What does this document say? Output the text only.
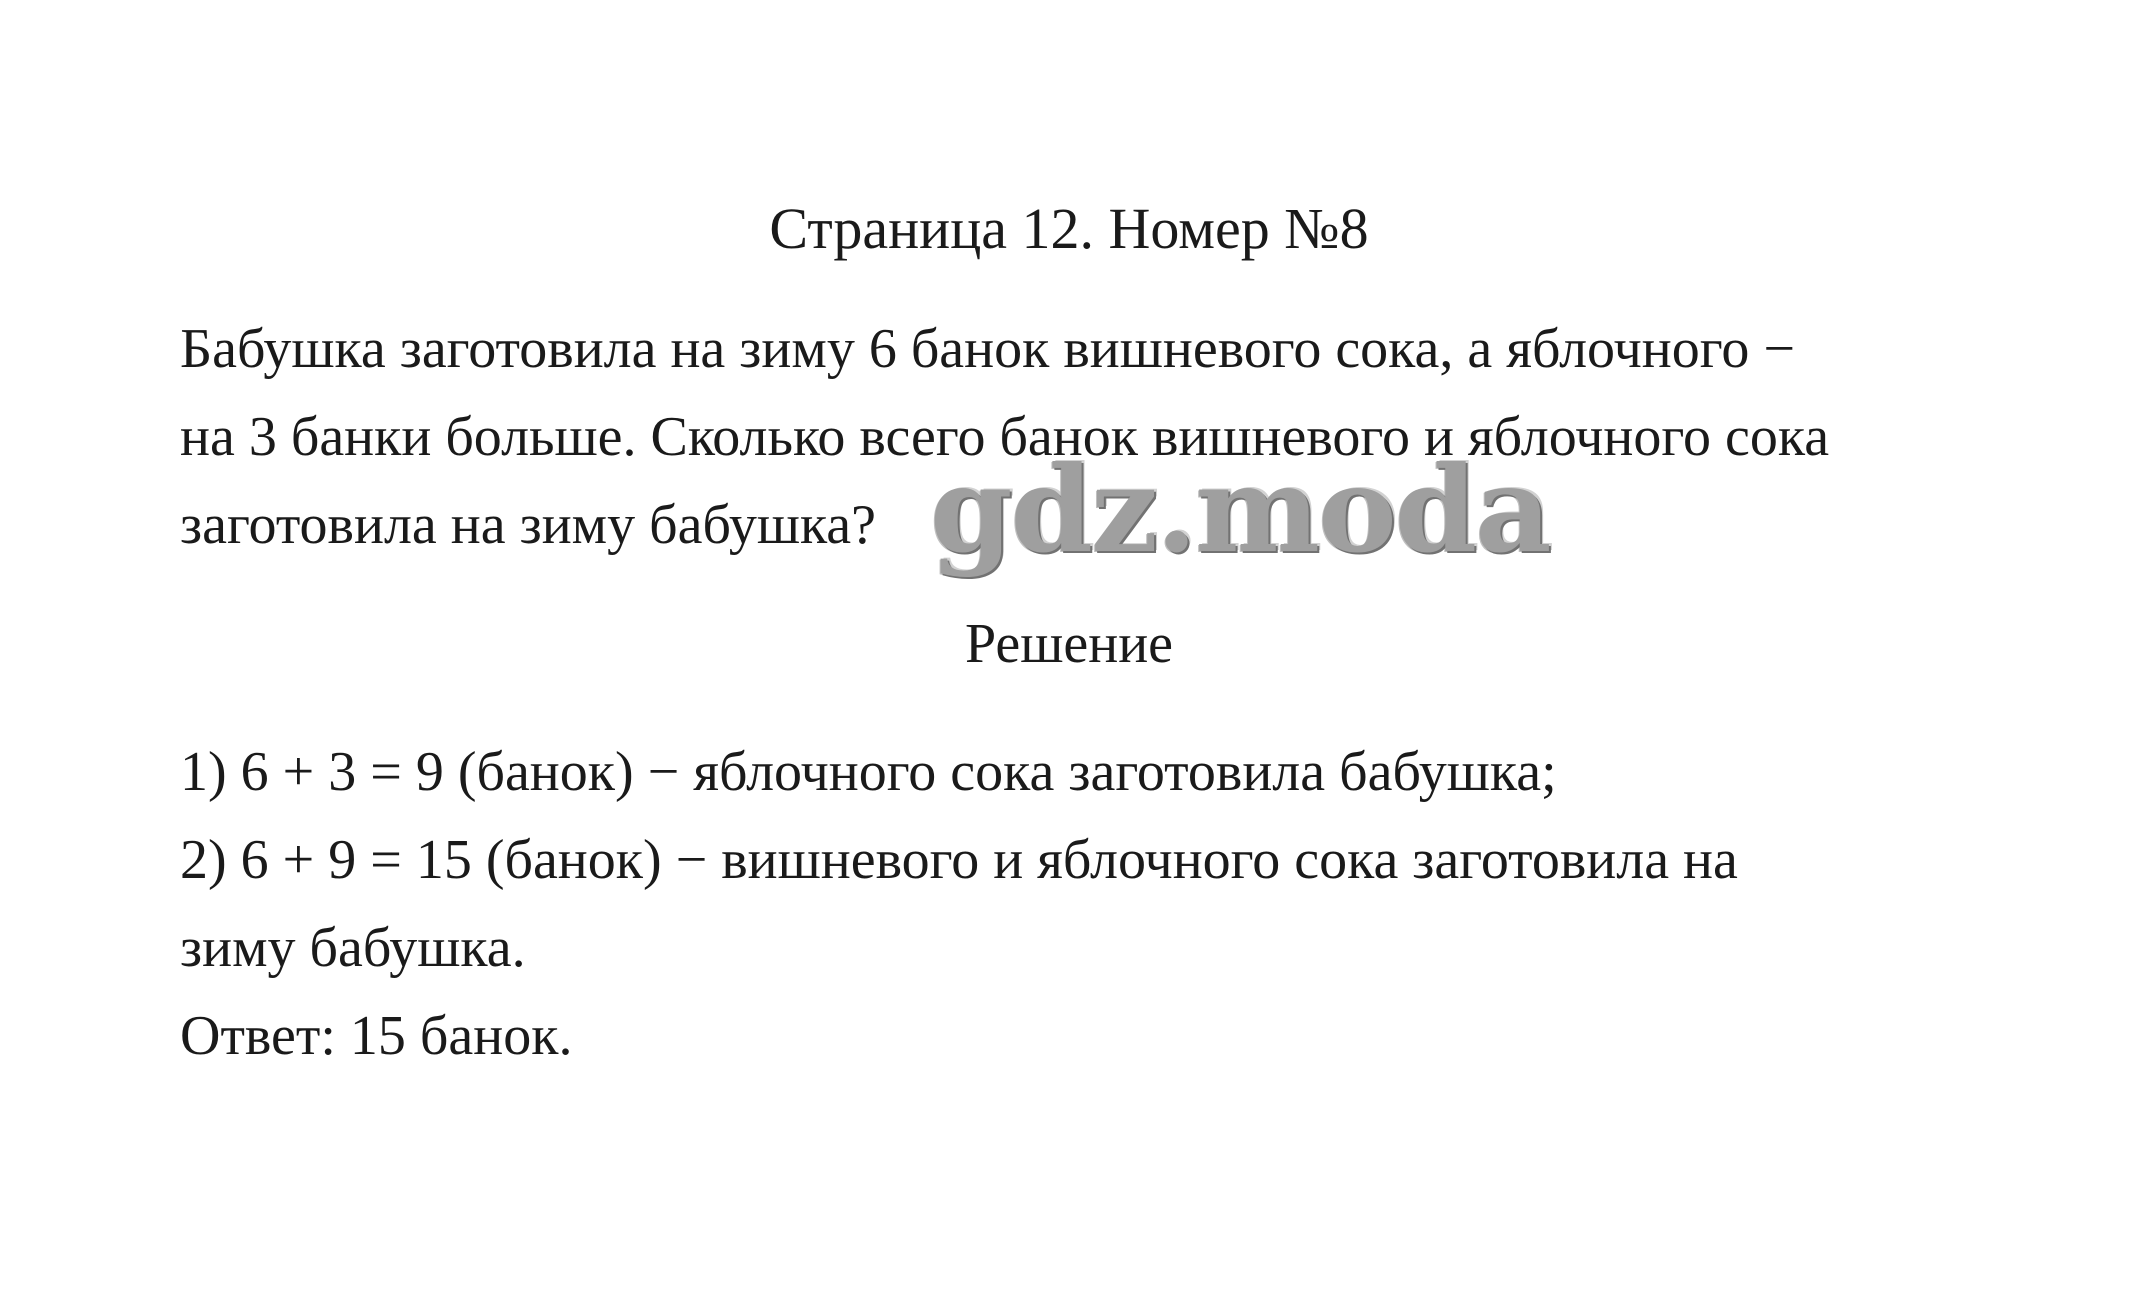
Страница 12. Номер №8
Бабушка заготовила на зиму 6 банок вишневого сока, а яблочного −
на 3 банки больше. Сколько всего банок вишневого и яблочного сока
заготовила на зиму бабушка? gdz.moda
Решение
1) 6 + 3 = 9 (банок) − яблочного сока заготовила бабушка;
2) 6 + 9 = 15 (банок) − вишневого и яблочного сока заготовила на
зиму бабушка.
Ответ: 15 банок.
